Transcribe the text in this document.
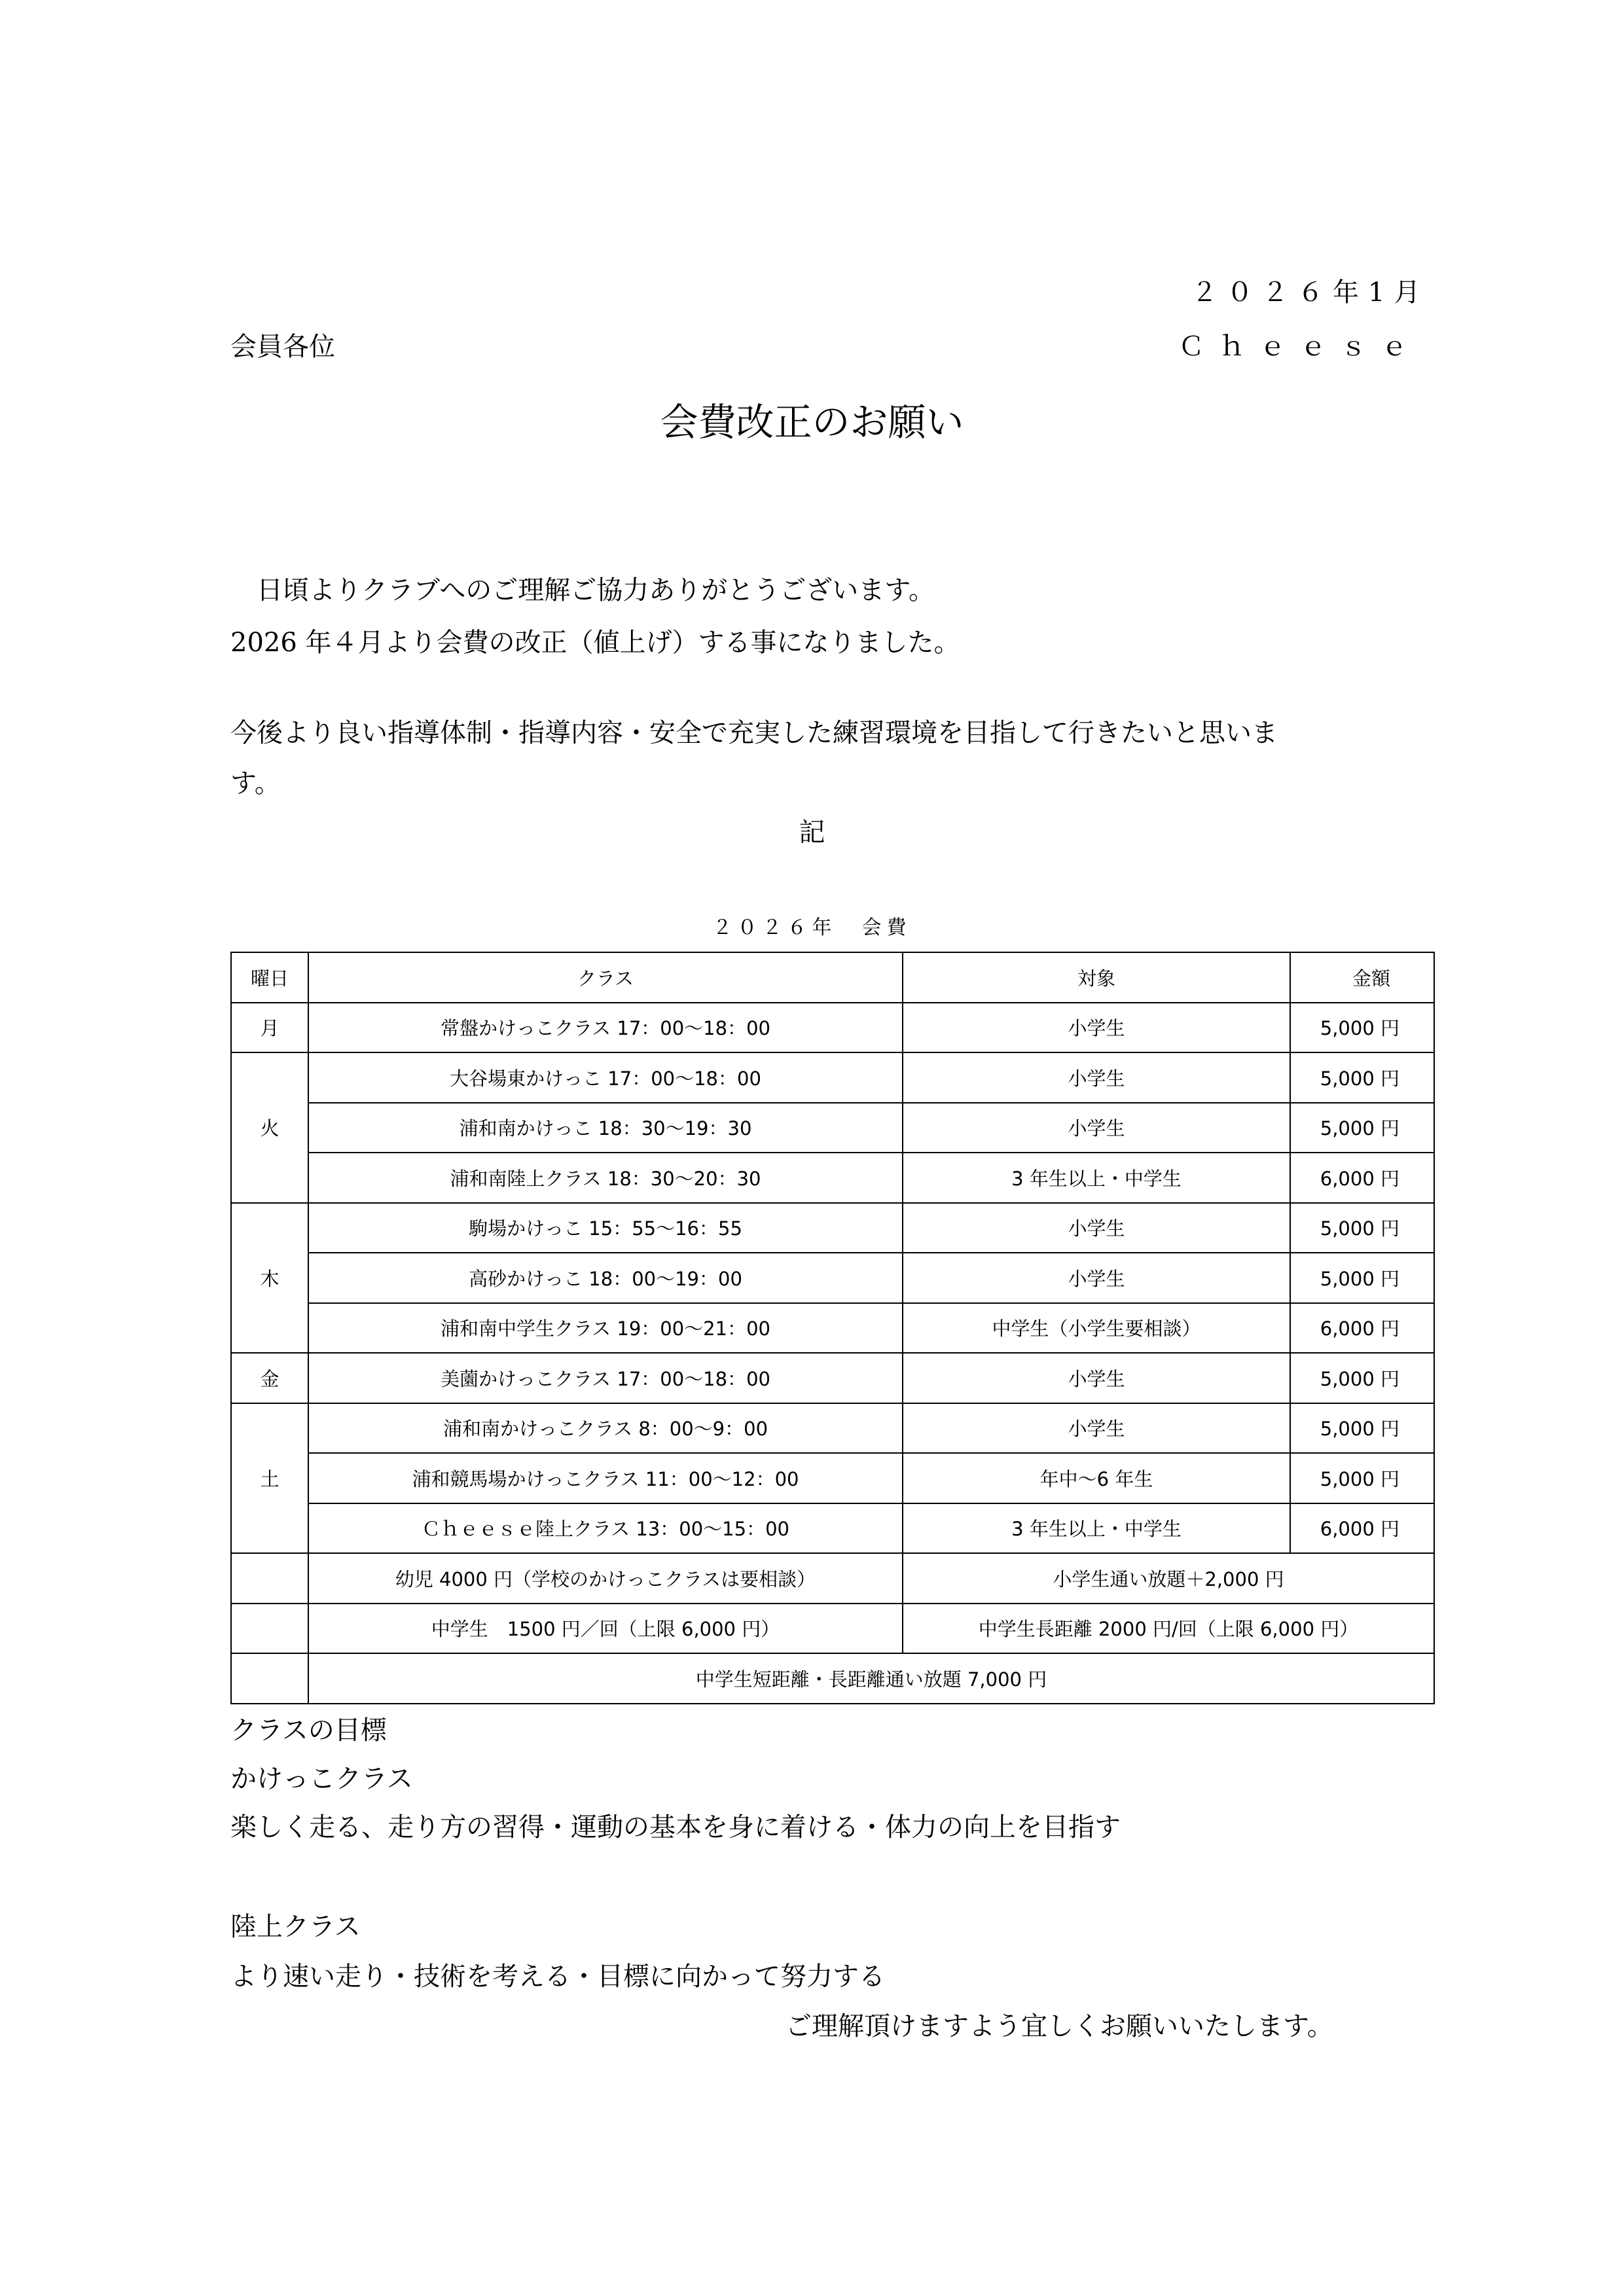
２０２６年1月
会員各位	Ｃｈｅｅｓｅ
会費改正のお願い
日頃よりクラブへのご理解ご協力ありがとうございます。
2026 年４月より会費の改正（値上げ）する事になりました。
今後より良い指導体制・指導内容・安全で充実した練習環境を目指して行きたいと思いま
す。
記
２０２６年　会費
曜日	クラス	対象	金額
月	常盤かけっこクラス 17：00～18：00	小学生	5,000 円
火	大谷場東かけっこ 17：00～18：00	小学生	5,000 円
	浦和南かけっこ 18：30～19：30	小学生	5,000 円
	浦和南陸上クラス 18：30～20：30	3 年生以上・中学生	6,000 円
木	駒場かけっこ 15：55～16：55	小学生	5,000 円
	高砂かけっこ 18：00～19：00	小学生	5,000 円
	浦和南中学生クラス 19：00～21：00	中学生（小学生要相談）	6,000 円
金	美薗かけっこクラス 17：00～18：00	小学生	5,000 円
土	浦和南かけっこクラス 8：00～9：00	小学生	5,000 円
	浦和競馬場かけっこクラス 11：00～12：00	年中～6 年生	5,000 円
	Ｃｈｅｅｓｅ陸上クラス 13：00～15：00	3 年生以上・中学生	6,000 円
	幼児 4000 円（学校のかけっこクラスは要相談）	小学生通い放題＋2,000 円	
	中学生　1500 円／回（上限 6,000 円）	中学生長距離 2000 円/回（上限 6,000 円）	
	中学生短距離・長距離通い放題 7,000 円		
クラスの目標
かけっこクラス
楽しく走る、走り方の習得・運動の基本を身に着ける・体力の向上を目指す
陸上クラス
より速い走り・技術を考える・目標に向かって努力する
ご理解頂けますよう宜しくお願いいたします。
